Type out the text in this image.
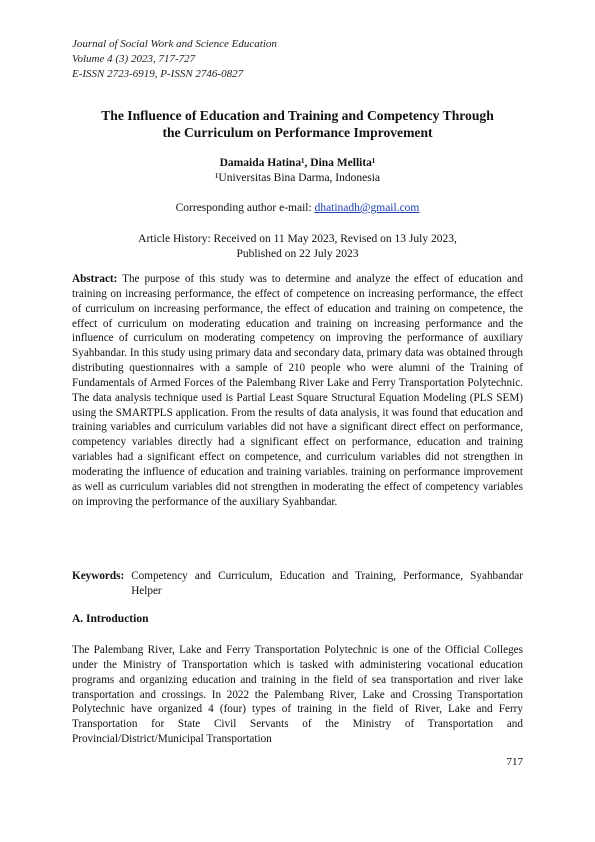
Journal of Social Work and Science Education
Volume 4 (3) 2023, 717-727
E-ISSN 2723-6919, P-ISSN 2746-0827
The Influence of Education and Training and Competency Through
the Curriculum on Performance Improvement
Damaida Hatina¹, Dina Mellita¹
¹Universitas Bina Darma, Indonesia
Corresponding author e-mail: dhatinadh@gmail.com
Article History: Received on 11 May 2023, Revised on 13 July 2023,
Published on 22 July 2023
Abstract: The purpose of this study was to determine and analyze the effect of education and training on increasing performance, the effect of competence on increasing performance, the effect of curriculum on increasing performance, the effect of education and training on competence, the effect of curriculum on moderating education and training on increasing performance and the influence of curriculum on moderating competency on improving the performance of auxiliary Syahbandar. In this study using primary data and secondary data, primary data was obtained through distributing questionnaires with a sample of 210 people who were alumni of the Training of Fundamentals of Armed Forces of the Palembang River Lake and Ferry Transportation Polytechnic. The data analysis technique used is Partial Least Square Structural Equation Modeling (PLS SEM) using the SMARTPLS application. From the results of data analysis, it was found that education and training variables and curriculum variables did not have a significant direct effect on performance, competency variables directly had a significant effect on performance, education and training variables had a significant effect on competence, and curriculum variables did not strengthen in moderating the influence of education and training variables. training on performance improvement as well as curriculum variables did not strengthen in moderating the effect of competency variables on improving the performance of the auxiliary Syahbandar.
Keywords: Competency and Curriculum, Education and Training, Performance, Syahbandar Helper
A. Introduction
The Palembang River, Lake and Ferry Transportation Polytechnic is one of the Official Colleges under the Ministry of Transportation which is tasked with administering vocational education programs and organizing education and training in the field of sea transportation and river lake transportation and crossings. In 2022 the Palembang River, Lake and Crossing Transportation Polytechnic have organized 4 (four) types of training in the field of River, Lake and Ferry Transportation for State Civil Servants of the Ministry of Transportation and Provincial/District/Municipal Transportation
717
